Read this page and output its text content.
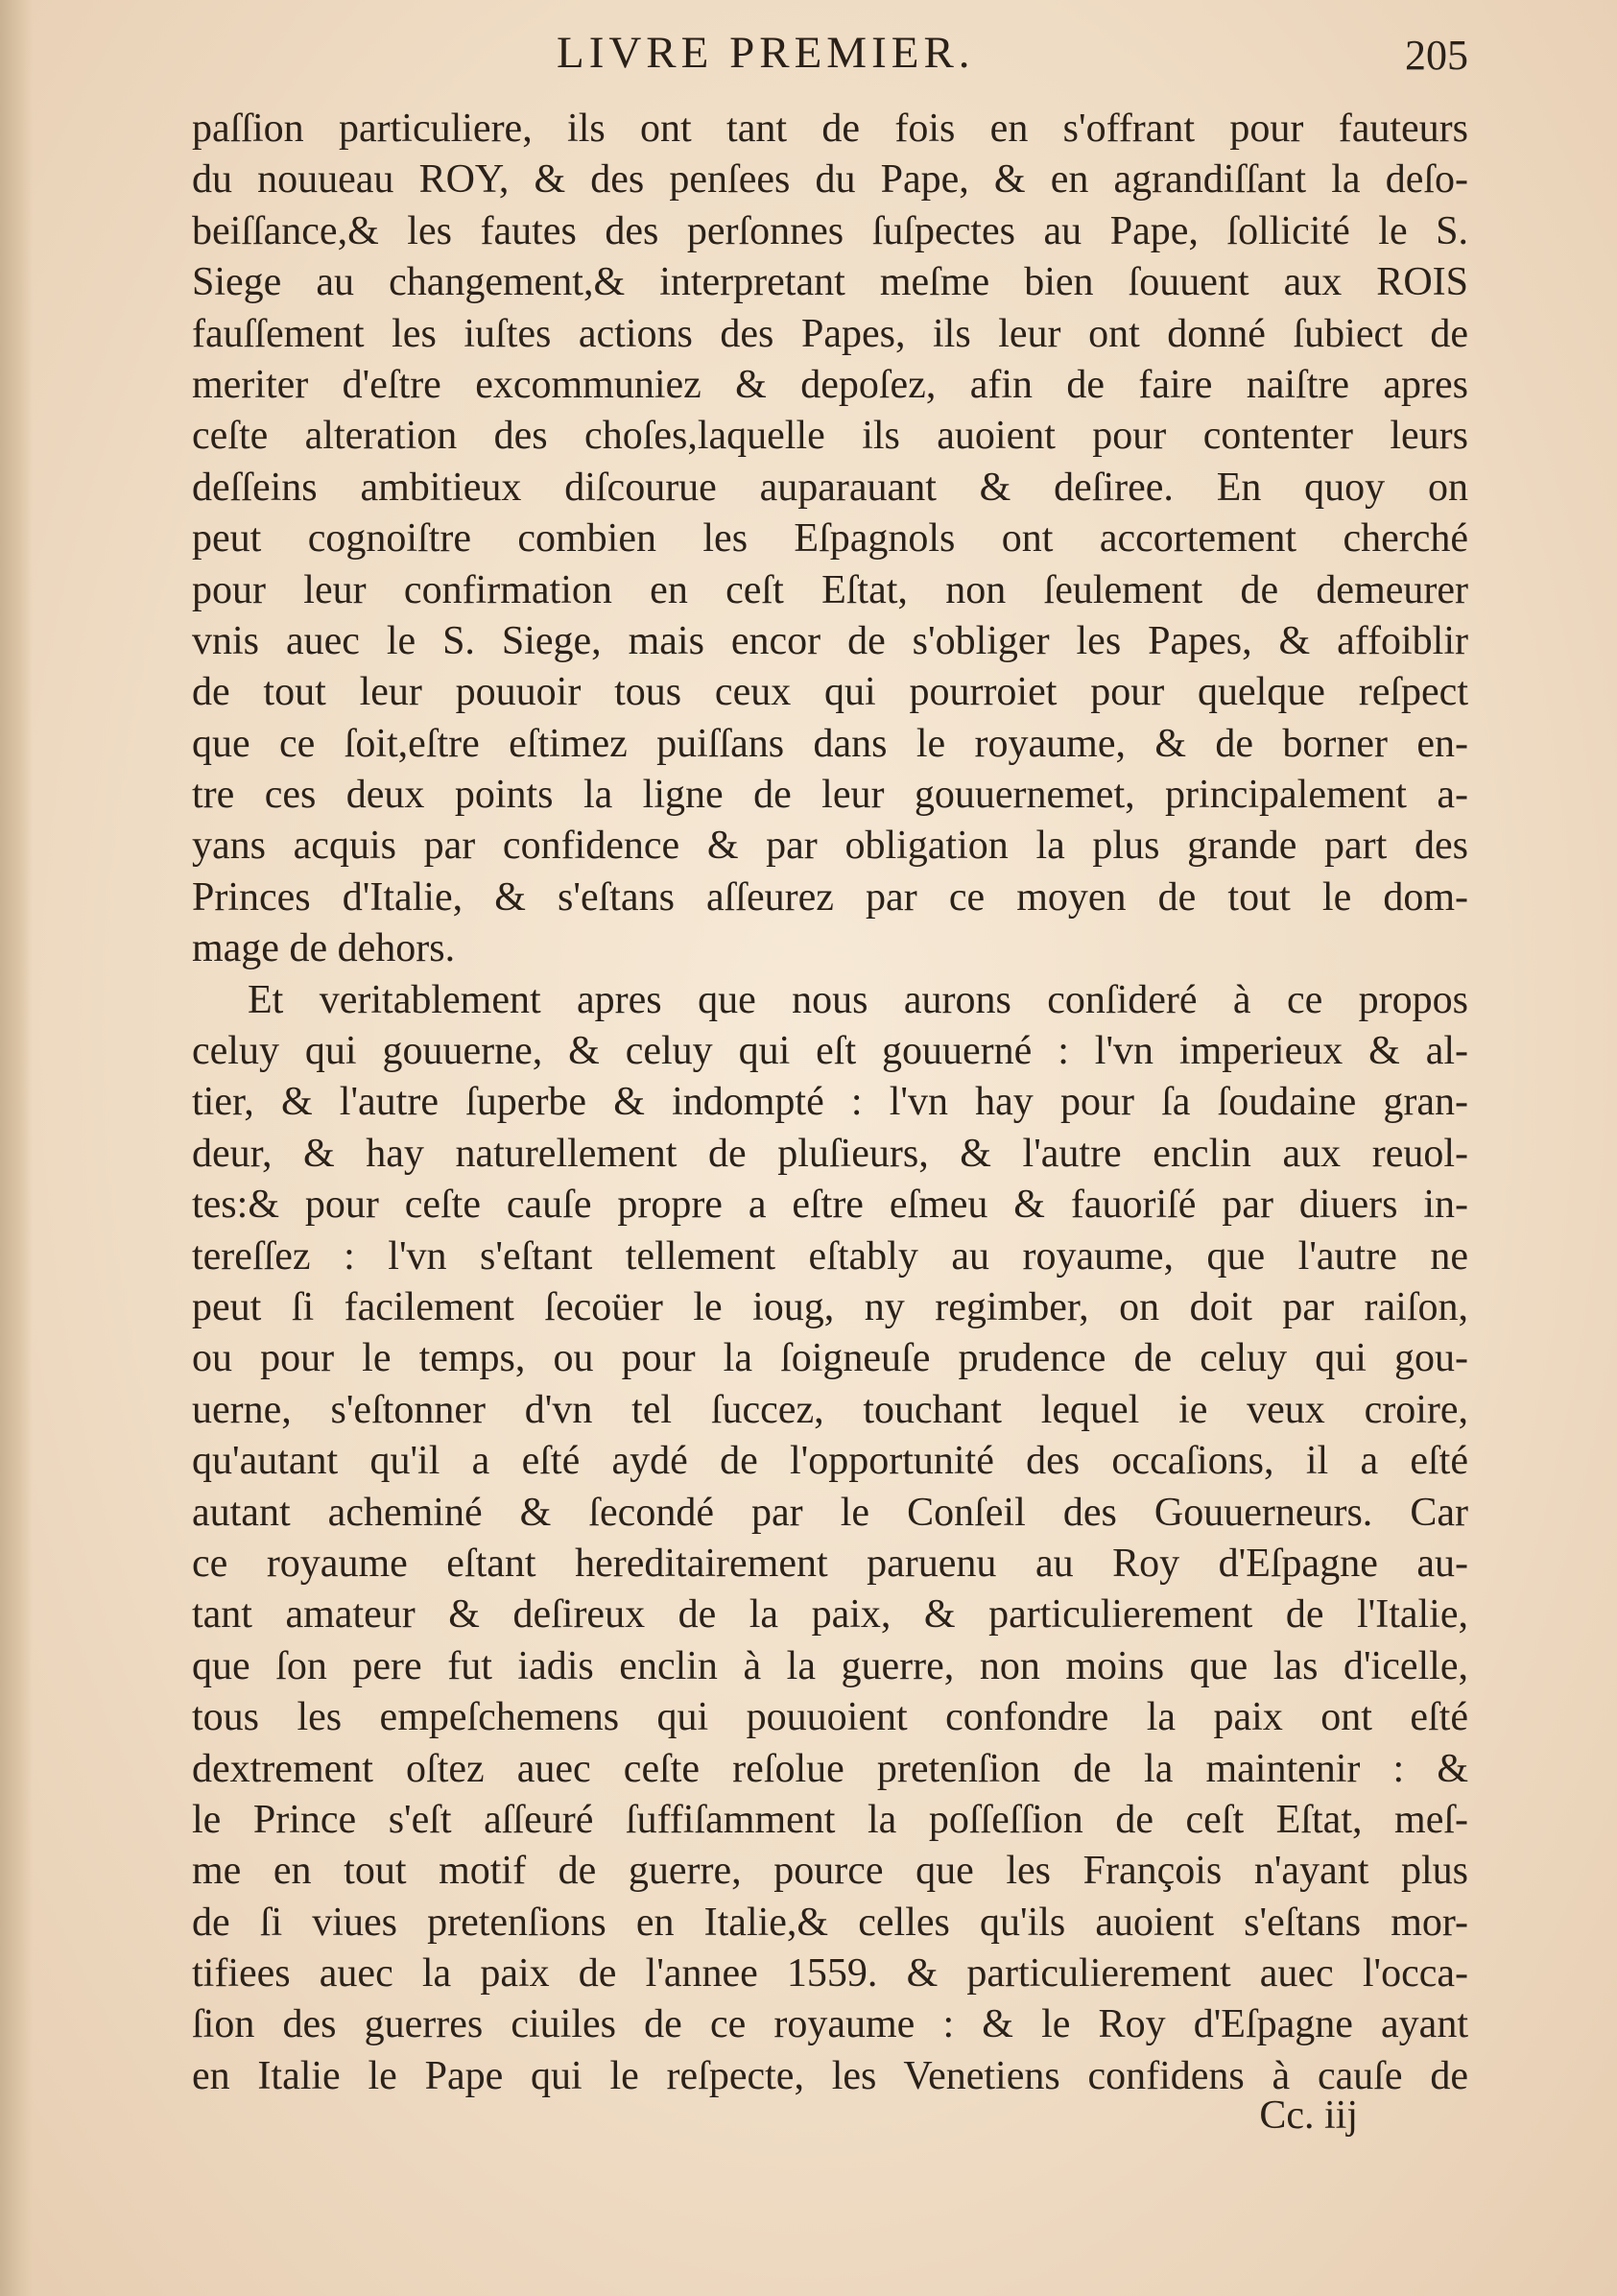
LIVRE PREMIER.	205
paſſion particuliere, ils ont tant de fois en s'offrant pour fauteurs
du nouueau ROY, & des penſees du Pape, & en agrandiſſant la deſo-
beiſſance,& les fautes des perſonnes ſuſpectes au Pape, ſollicité le S.
Siege au changement,& interpretant meſme bien ſouuent aux ROIS
fauſſement les iuſtes actions des Papes, ils leur ont donné ſubiect de
meriter d'eſtre excommuniez & depoſez, afin de faire naiſtre apres
ceſte alteration des choſes,laquelle ils auoient pour contenter leurs
deſſeins ambitieux diſcourue auparauant & deſiree. En quoy on
peut cognoiſtre combien les Eſpagnols ont accortement cherché
pour leur confirmation en ceſt Eſtat, non ſeulement de demeurer
vnis auec le S. Siege, mais encor de s'obliger les Papes, & affoiblir
de tout leur pouuoir tous ceux qui pourroiet pour quelque reſpect
que ce ſoit,eſtre eſtimez puiſſans dans le royaume, & de borner en-
tre ces deux points la ligne de leur gouuernemet, principalement a-
yans acquis par confidence & par obligation la plus grande part des
Princes d'Italie, & s'eſtans aſſeurez par ce moyen de tout le dom-
mage de dehors.
Et veritablement apres que nous aurons conſideré à ce propos
celuy qui gouuerne, & celuy qui eſt gouuerné : l'vn imperieux & al-
tier, & l'autre ſuperbe & indompté : l'vn hay pour ſa ſoudaine gran-
deur, & hay naturellement de pluſieurs, & l'autre enclin aux reuol-
tes:& pour ceſte cauſe propre a eſtre eſmeu & fauoriſé par diuers in-
tereſſez : l'vn s'eſtant tellement eſtably au royaume, que l'autre ne
peut ſi facilement ſecoüer le ioug, ny regimber, on doit par raiſon,
ou pour le temps, ou pour la ſoigneuſe prudence de celuy qui gou-
uerne, s'eſtonner d'vn tel ſuccez, touchant lequel ie veux croire,
qu'autant qu'il a eſté aydé de l'opportunité des occaſions, il a eſté
autant acheminé & ſecondé par le Conſeil des Gouuerneurs. Car
ce royaume eſtant hereditairement paruenu au Roy d'Eſpagne au-
tant amateur & deſireux de la paix, & particulierement de l'Italie,
que ſon pere fut iadis enclin à la guerre, non moins que las d'icelle,
tous les empeſchemens qui pouuoient confondre la paix ont eſté
dextrement oſtez auec ceſte reſolue pretenſion de la maintenir : &
le Prince s'eſt aſſeuré ſuffiſamment la poſſeſſion de ceſt Eſtat, meſ-
me en tout motif de guerre, pource que les François n'ayant plus
de ſi viues pretenſions en Italie,& celles qu'ils auoient s'eſtans mor-
tifiees auec la paix de l'annee 1559. & particulierement auec l'occa-
ſion des guerres ciuiles de ce royaume : & le Roy d'Eſpagne ayant
en Italie le Pape qui le reſpecte, les Venetiens confidens à cauſe de
Cc. iij
